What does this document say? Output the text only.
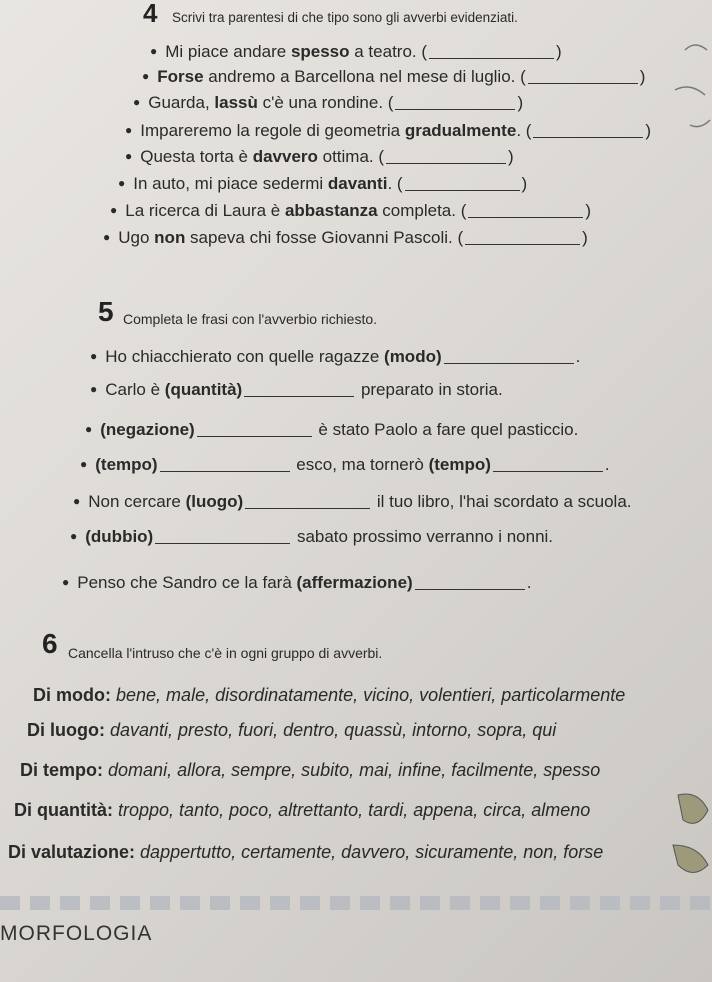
4 Scrivi tra parentesi di che tipo sono gli avverbi evidenziati.
● Mi piace andare spesso a teatro. (	)
● Forse andremo a Barcellona nel mese di luglio. (	)
● Guarda, lassù c'è una rondine. (	)
● Impareremo la regole di geometria gradualmente. (	)
● Questa torta è davvero ottima. (	)
● In auto, mi piace sedermi davanti. (	)
● La ricerca di Laura è abbastanza completa. (	)
● Ugo non sapeva chi fosse Giovanni Pascoli. (	)
5 Completa le frasi con l'avverbio richiesto.
● Ho chiacchierato con quelle ragazze (modo)	.
● Carlo è (quantità)	preparato in storia.
● (negazione)	è stato Paolo a fare quel pasticcio.
● (tempo)	esco, ma tornerò (tempo)	.
● Non cercare (luogo)	il tuo libro, l'hai scordato a scuola.
● (dubbio)	sabato prossimo verranno i nonni.
● Penso che Sandro ce la farà (affermazione)	.
6 Cancella l'intruso che c'è in ogni gruppo di avverbi.
Di modo: bene, male, disordinatamente, vicino, volentieri, particolarmente
Di luogo: davanti, presto, fuori, dentro, quassù, intorno, sopra, qui
Di tempo: domani, allora, sempre, subito, mai, infine, facilmente, spesso
Di quantità: troppo, tanto, poco, altrettanto, tardi, appena, circa, almeno
Di valutazione: dappertutto, certamente, davvero, sicuramente, non, forse
MORFOLOGIA
